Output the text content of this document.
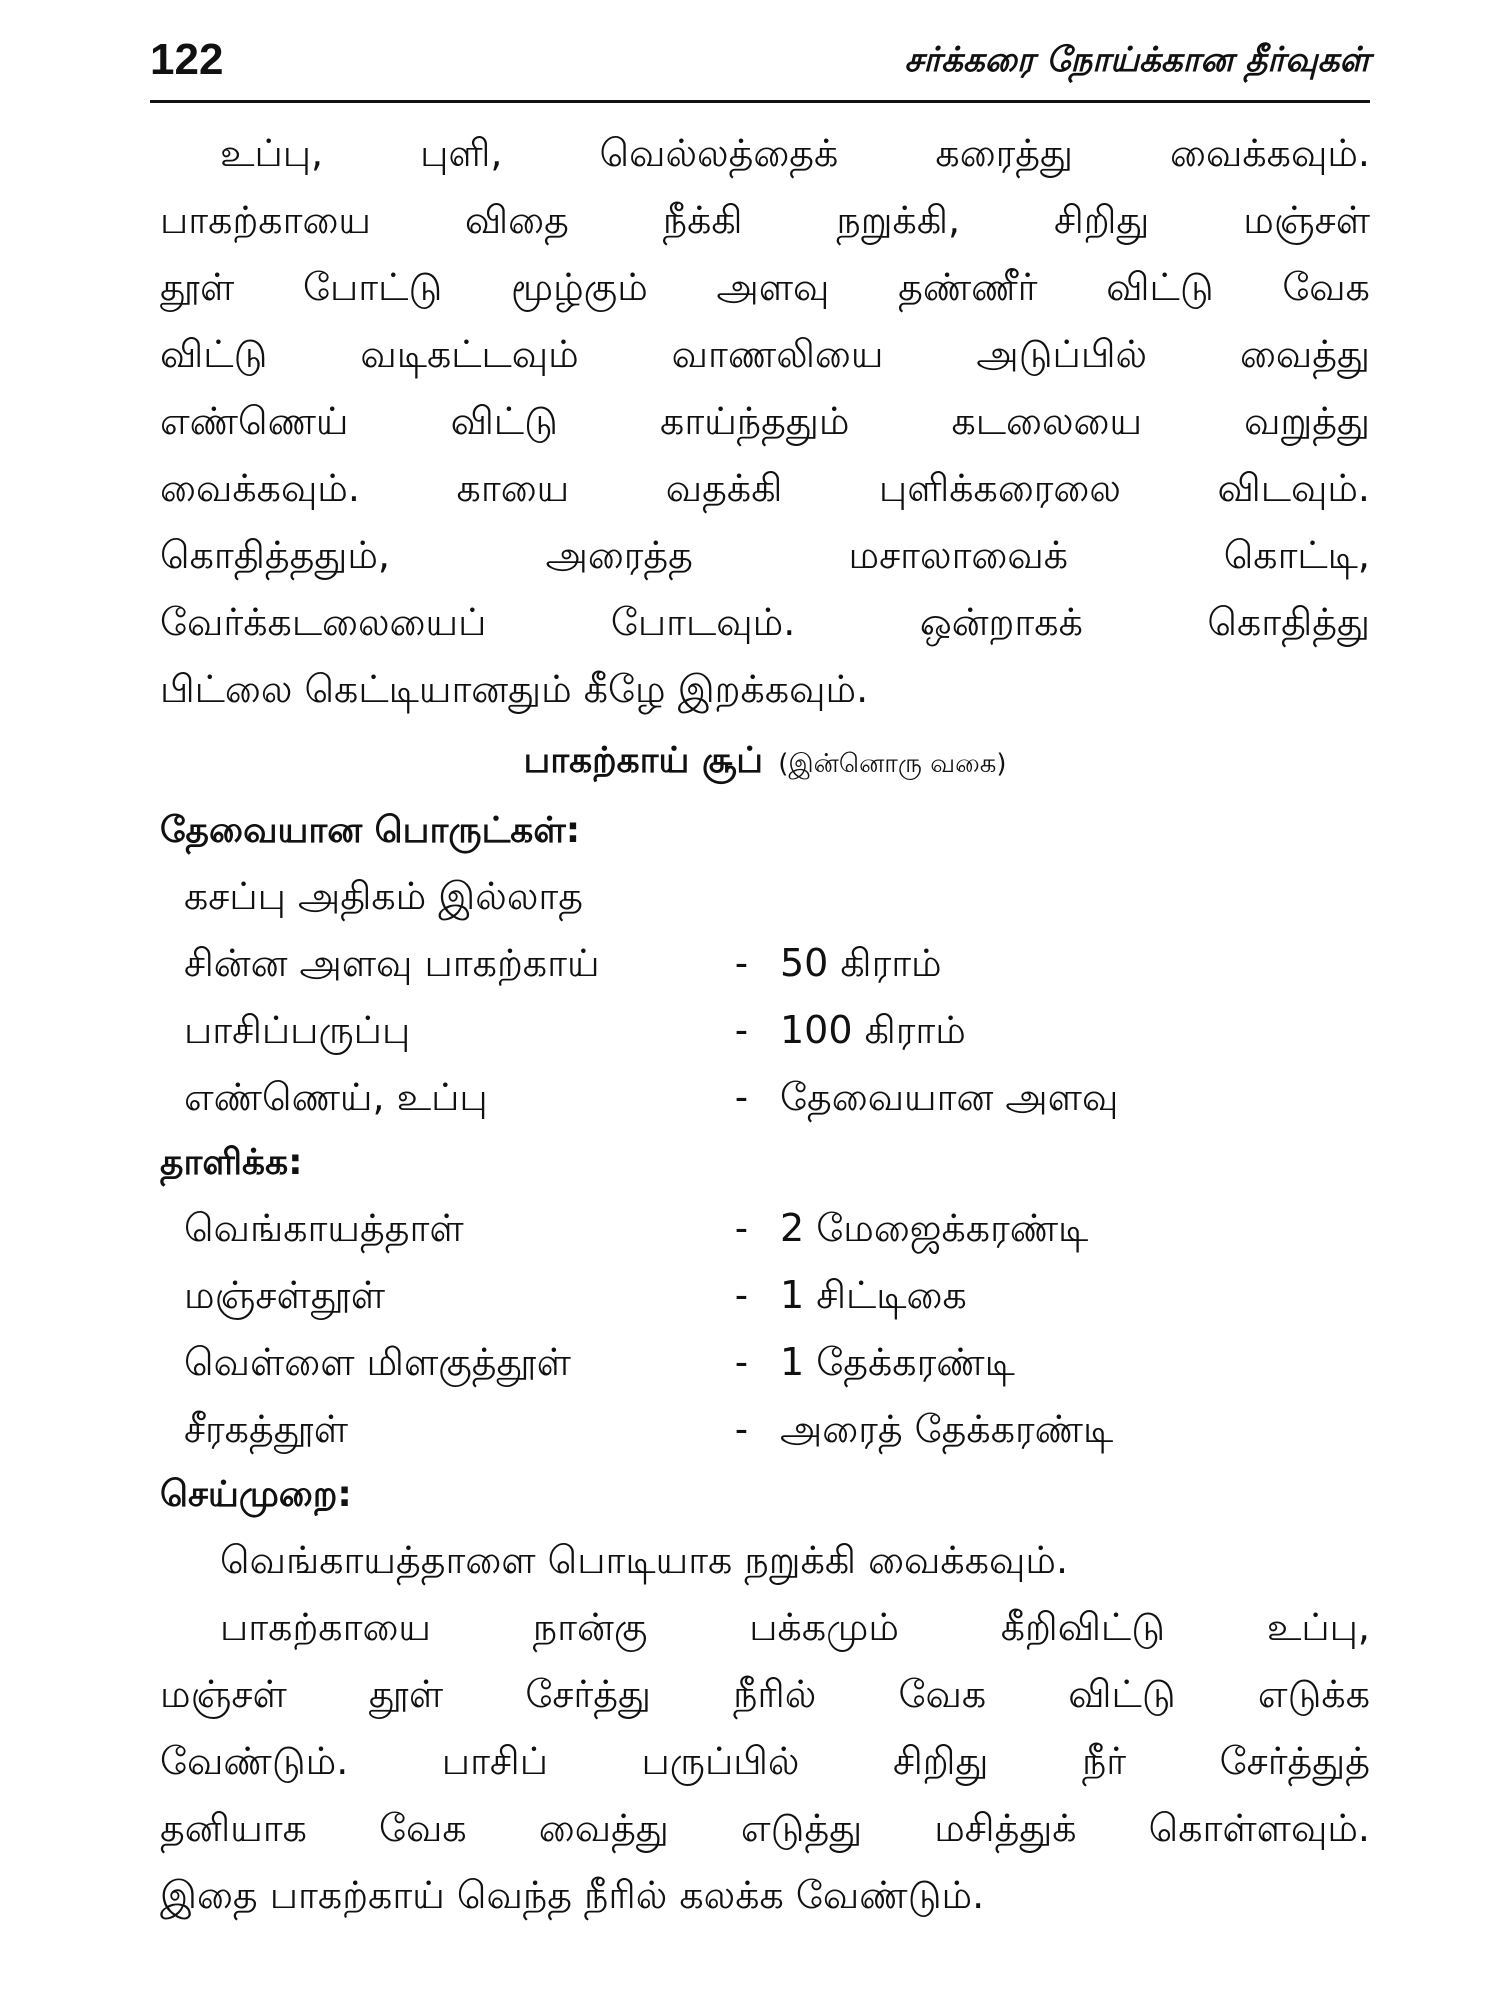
122	சர்க்கரை நோய்க்கான தீர்வுகள்

உப்பு, புளி, வெல்லத்தைக் கரைத்து வைக்கவும்.
பாகற்காயை விதை நீக்கி நறுக்கி, சிறிது மஞ்சள்
தூள் போட்டு மூழ்கும் அளவு தண்ணீர் விட்டு வேக
விட்டு வடிகட்டவும் வாணலியை அடுப்பில் வைத்து
எண்ணெய் விட்டு காய்ந்ததும் கடலையை வறுத்து
வைக்கவும். காயை வதக்கி புளிக்கரைலை விடவும்.
கொதித்ததும், அரைத்த மசாலாவைக் கொட்டி,
வேர்க்கடலையைப் போடவும். ஒன்றாகக் கொதித்து
பிட்லை கெட்டியானதும் கீழே இறக்கவும்.

பாகற்காய் சூப் (இன்னொரு வகை)

தேவையான பொருட்கள்:

கசப்பு அதிகம் இல்லாத
சின்ன அளவு பாகற்காய்	- 50 கிராம்
பாசிப்பருப்பு	- 100 கிராம்
எண்ணெய், உப்பு	- தேவையான அளவு

தாளிக்க:

வெங்காயத்தாள்	- 2 மேஜைக்கரண்டி
மஞ்சள்தூள்	- 1 சிட்டிகை
வெள்ளை மிளகுத்தூள்	- 1 தேக்கரண்டி
சீரகத்தூள்	- அரைத் தேக்கரண்டி

செய்முறை:

வெங்காயத்தாளை பொடியாக நறுக்கி வைக்கவும்.

பாகற்காயை நான்கு பக்கமும் கீறிவிட்டு உப்பு,
மஞ்சள் தூள் சேர்த்து நீரில் வேக விட்டு எடுக்க
வேண்டும். பாசிப் பருப்பில் சிறிது நீர் சேர்த்துத்
தனியாக வேக வைத்து எடுத்து மசித்துக் கொள்ளவும்.
இதை பாகற்காய் வெந்த நீரில் கலக்க வேண்டும்.
